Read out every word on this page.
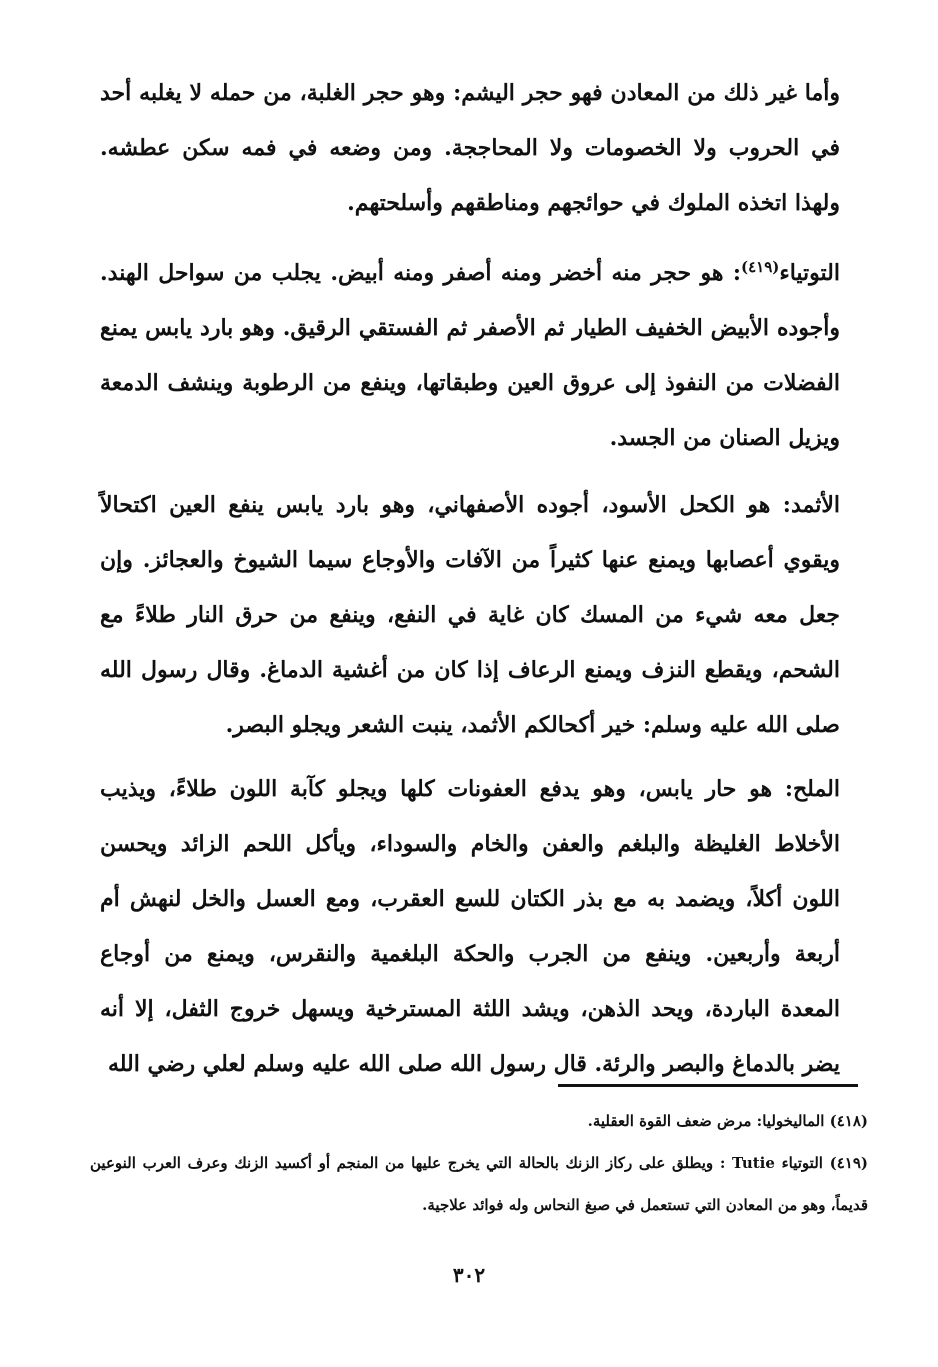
وأما غير ذلك من المعادن فهو حجر اليشم: وهو حجر الغلبة، من حمله لا يغلبه أحد في الحروب ولا الخصومات ولا المحاججة. ومن وضعه في فمه سكن عطشه. ولهذا اتخذه الملوك في حوائجهم ومناطقهم وأسلحتهم.

التوتياء$^{(٤١٩)}$: هو حجر منه أخضر ومنه أصفر ومنه أبيض. يجلب من سواحل الهند. وأجوده الأبيض الخفيف الطيار ثم الأصفر ثم الفستقي الرقيق. وهو بارد يابس يمنع الفضلات من النفوذ إلى عروق العين وطبقاتها، وينفع من الرطوبة وينشف الدمعة ويزيل الصنان من الجسد.

الأثمد: هو الكحل الأسود، أجوده الأصفهاني، وهو بارد يابس ينفع العين اكتحالاً ويقوي أعصابها ويمنع عنها كثيراً من الآفات والأوجاع سيما الشيوخ والعجائز. وإن جعل معه شيء من المسك كان غاية في النفع، وينفع من حرق النار طلاءً مع الشحم، ويقطع النزف ويمنع الرعاف إذا كان من أغشية الدماغ. وقال رسول الله صلى الله عليه وسلم: خير أكحالكم الأثمد، ينبت الشعر ويجلو البصر.

الملح: هو حار يابس، وهو يدفع العفونات كلها ويجلو كآبة اللون طلاءً، ويذيب الأخلاط الغليظة والبلغم والعفن والخام والسوداء، ويأكل اللحم الزائد ويحسن اللون أكلاً، ويضمد به مع بذر الكتان للسع العقرب، ومع العسل والخل لنهش أم أربعة وأربعين. وينفع من الجرب والحكة البلغمية والنقرس، ويمنع من أوجاع المعدة الباردة، ويحد الذهن، ويشد اللثة المسترخية ويسهل خروج الثفل، إلا أنه يضر بالدماغ والبصر والرئة. قال رسول الله صلى الله عليه وسلم لعلي رضي الله

(٤١٨) الماليخوليا: مرض ضعف القوة العقلية.

(٤١٩) التوتياء Tutie : ويطلق على ركاز الزنك بالحالة التي يخرج عليها من المنجم أو أكسيد الزنك وعرف العرب النوعين قديماً، وهو من المعادن التي تستعمل في صبغ النحاس وله فوائد علاجية.

٣٠٢
